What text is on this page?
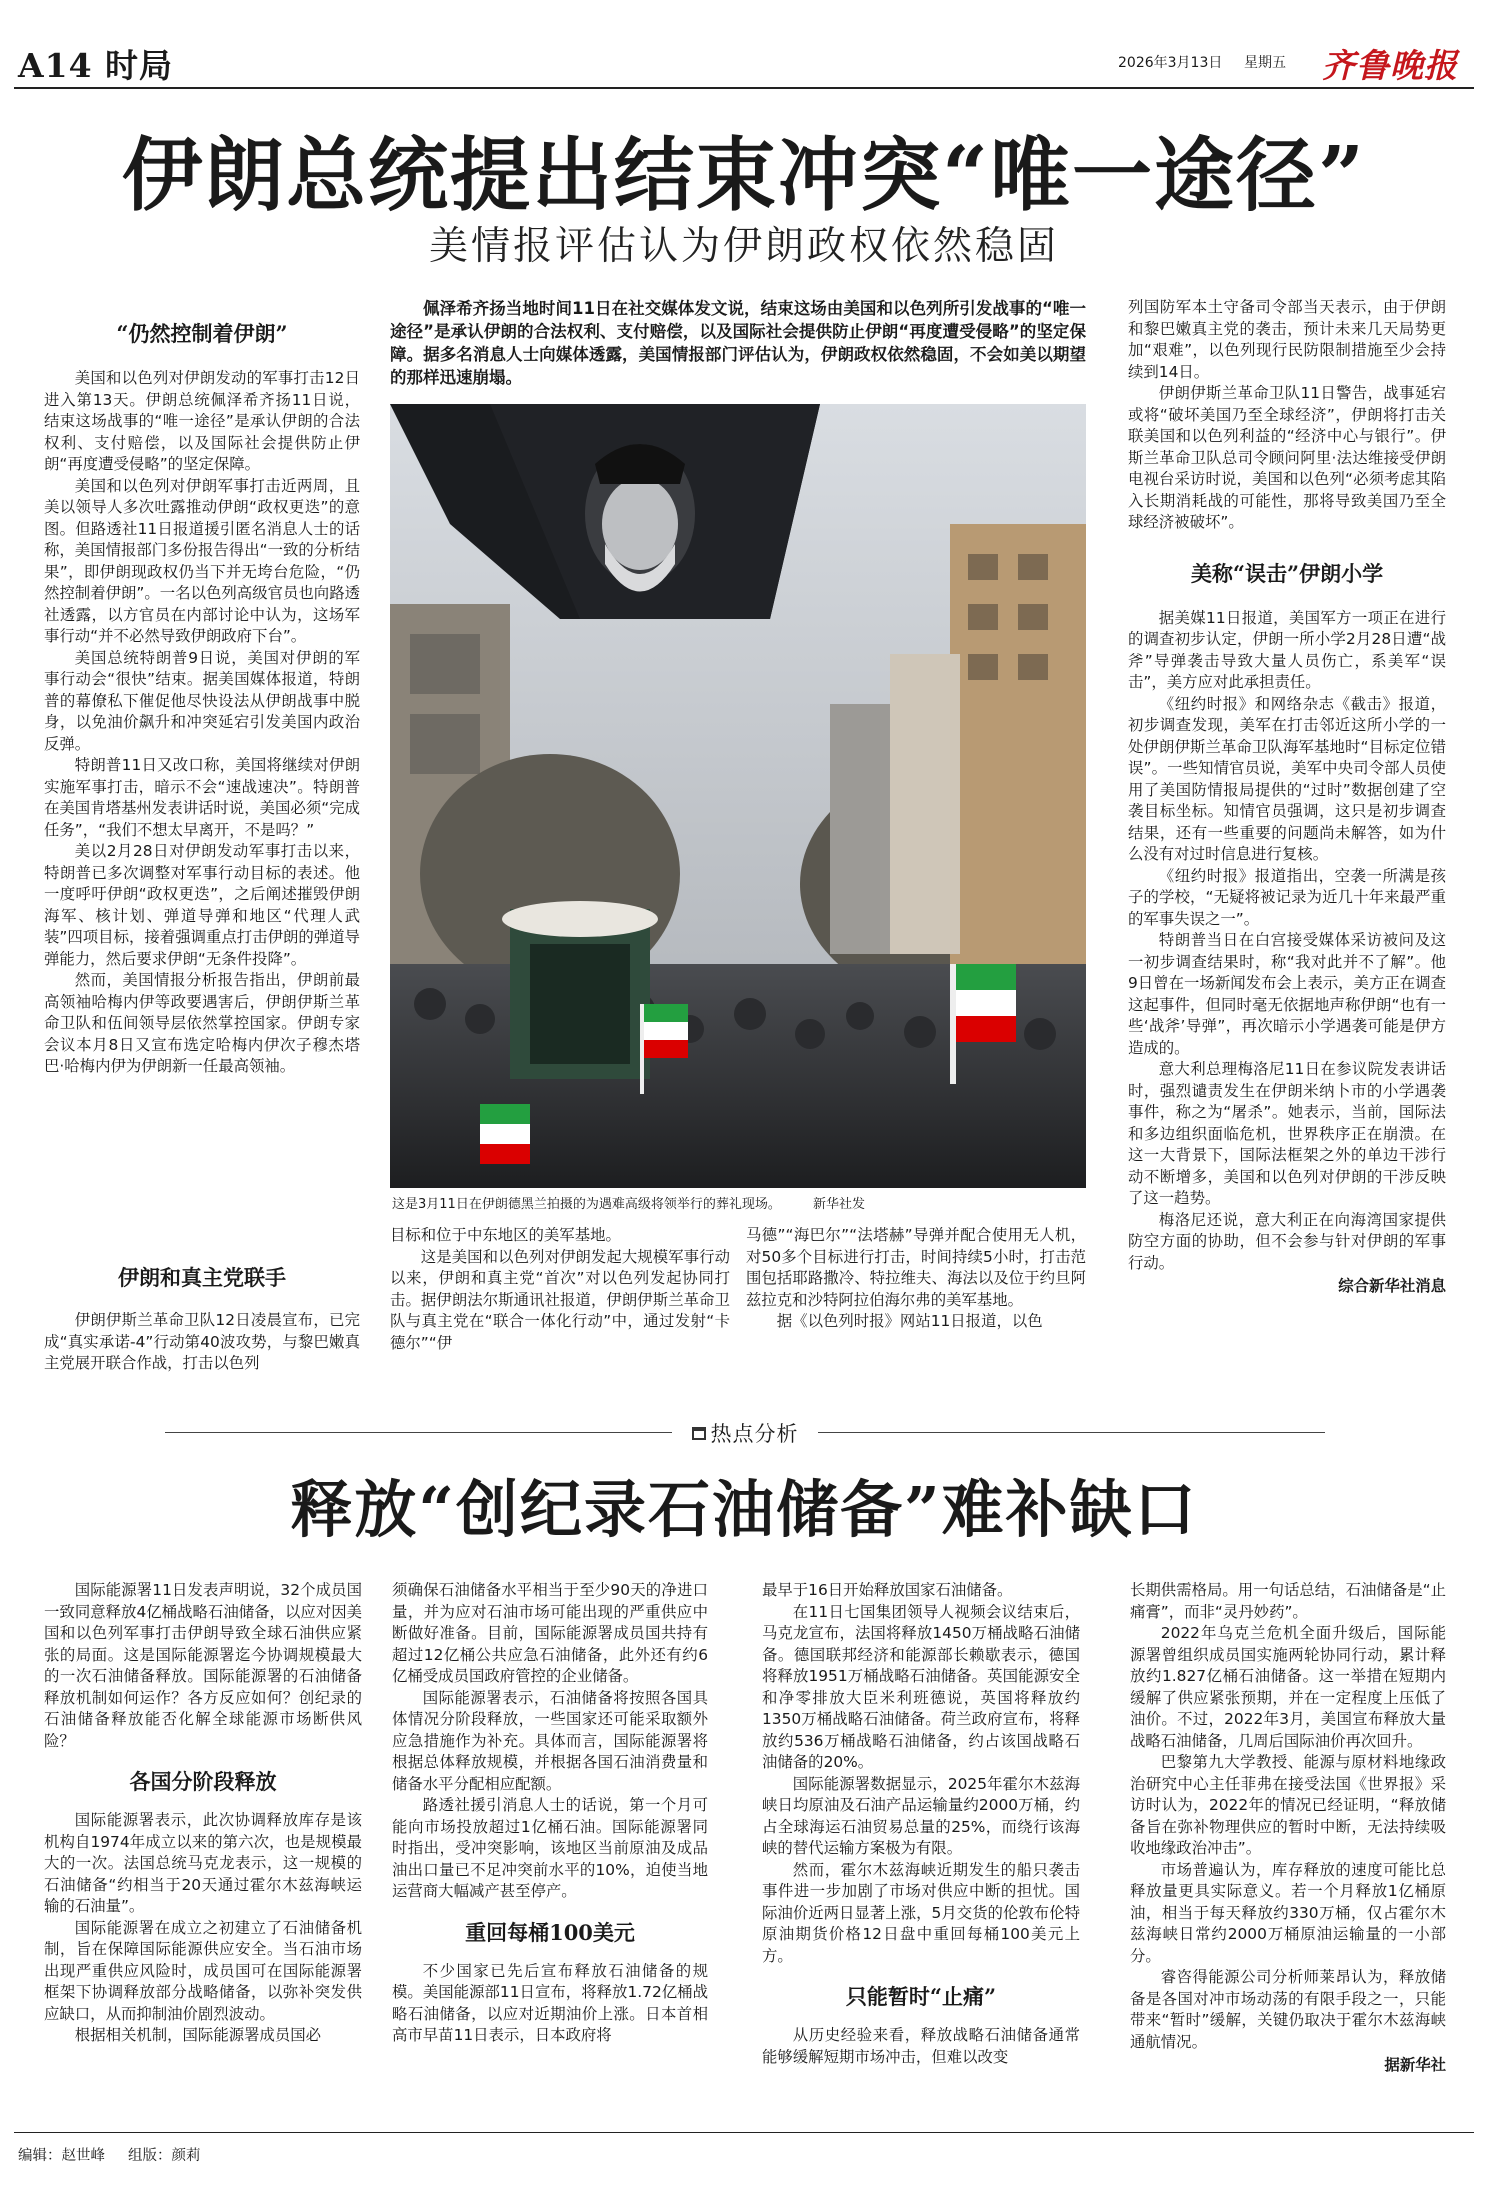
A14 时局	2026年3月13日 星期五 齐鲁晚报
伊朗总统提出结束冲突“唯一途径”
美情报评估认为伊朗政权依然稳固
“仍然控制着伊朗”

美国和以色列对伊朗发动的军事打击12日进入第13天。伊朗总统佩泽希齐扬11日说，结束这场战事的“唯一途径”是承认伊朗的合法权利、支付赔偿，以及国际社会提供防止伊朗“再度遭受侵略”的坚定保障。

美国和以色列对伊朗军事打击近两周，且美以领导人多次吐露推动伊朗“政权更迭”的意图。但路透社11日报道援引匿名消息人士的话称，美国情报部门多份报告得出“一致的分析结果”，即伊朗现政权仍当下并无垮台危险，“仍然控制着伊朗”。一名以色列高级官员也向路透社透露，以方官员在内部讨论中认为，这场军事行动“并不必然导致伊朗政府下台”。

美国总统特朗普9日说，美国对伊朗的军事行动会“很快”结束。据美国媒体报道，特朗普的幕僚私下催促他尽快设法从伊朗战事中脱身，以免油价飙升和冲突延宕引发美国内政治反弹。

特朗普11日又改口称，美国将继续对伊朗实施军事打击，暗示不会“速战速决”。特朗普在美国肯塔基州发表讲话时说，美国必须“完成任务”，“我们不想太早离开，不是吗？”

美以2月28日对伊朗发动军事打击以来，特朗普已多次调整对军事行动目标的表述。他一度呼吁伊朗“政权更迭”，之后阐述摧毁伊朗海军、核计划、弹道导弹和地区“代理人武装”四项目标，接着强调重点打击伊朗的弹道导弹能力，然后要求伊朗“无条件投降”。

然而，美国情报分析报告指出，伊朗前最高领袖哈梅内伊等政要遇害后，伊朗伊斯兰革命卫队和伍间领导层依然掌控国家。伊朗专家会议本月8日又宣布选定哈梅内伊次子穆杰塔巴·哈梅内伊为伊朗新一任最高领袖。

伊朗和真主党联手
伊朗伊斯兰革命卫队12日凌晨宣布，已完成“真实承诺-4”行动第40波攻势，与黎巴嫩真主党展开联合作战，打击以色列
佩泽希齐扬当地时间11日在社交媒体发文说，结束这场由美国和以色列所引发战事的“唯一途径”是承认伊朗的合法权利、支付赔偿，以及国际社会提供防止伊朗“再度遭受侵略”的坚定保障。据多名消息人士向媒体透露，美国情报部门评估认为，伊朗政权依然稳固，不会如美以期望的那样迅速崩塌。
这是3月11日在伊朗德黑兰拍摄的为遇难高级将领举行的葬礼现场。 新华社发
目标和位于中东地区的美军基地。
这是美国和以色列对伊朗发起大规模军事行动以来，伊朗和真主党“首次”对以色列发起协同打击。据伊朗法尔斯通讯社报道，伊朗伊斯兰革命卫队与真主党在“联合一体化行动”中，通过发射“卡德尔”“伊
马德”“海巴尔”“法塔赫”导弹并配合使用无人机，对50多个目标进行打击，时间持续5小时，打击范围包括耶路撒冷、特拉维夫、海法以及位于约旦阿兹拉克和沙特阿拉伯海尔弗的美军基地。
据《以色列时报》网站11日报道，以色

列国防军本土守备司令部当天表示，由于伊朗和黎巴嫩真主党的袭击，预计未来几天局势更加“艰难”，以色列现行民防限制措施至少会持续到14日。

伊朗伊斯兰革命卫队11日警告，战事延宕或将“破坏美国乃至全球经济”，伊朗将打击关联美国和以色列利益的“经济中心与银行”。伊斯兰革命卫队总司令顾问阿里·法达维接受伊朗电视台采访时说，美国和以色列“必须考虑其陷入长期消耗战的可能性，那将导致美国乃至全球经济被破坏”。

美称“误击”伊朗小学

据美媒11日报道，美国军方一项正在进行的调查初步认定，伊朗一所小学2月28日遭“战斧”导弹袭击导致大量人员伤亡，系美军“误击”，美方应对此承担责任。

《纽约时报》和网络杂志《截击》报道，初步调查发现，美军在打击邻近这所小学的一处伊朗伊斯兰革命卫队海军基地时“目标定位错误”。一些知情官员说，美军中央司令部人员使用了美国防情报局提供的“过时”数据创建了空袭目标坐标。知情官员强调，这只是初步调查结果，还有一些重要的问题尚未解答，如为什么没有对过时信息进行复核。

《纽约时报》报道指出，空袭一所满是孩子的学校，“无疑将被记录为近几十年来最严重的军事失误之一”。

特朗普当日在白宫接受媒体采访被问及这一初步调查结果时，称“我对此并不了解”。他9日曾在一场新闻发布会上表示，美方正在调查这起事件，但同时毫无依据地声称伊朗“也有一些‘战斧’导弹”，再次暗示小学遇袭可能是伊方造成的。

意大利总理梅洛尼11日在参议院发表讲话时，强烈谴责发生在伊朗米纳卜市的小学遇袭事件，称之为“屠杀”。她表示，当前，国际法和多边组织面临危机，世界秩序正在崩溃。在这一大背景下，国际法框架之外的单边干涉行动不断增多，美国和以色列对伊朗的干涉反映了这一趋势。

梅洛尼还说，意大利正在向海湾国家提供防空方面的协助，但不会参与针对伊朗的军事行动。

综合新华社消息
热点分析
释放“创纪录石油储备”难补缺口
国际能源署11日发表声明说，32个成员国一致同意释放4亿桶战略石油储备，以应对因美国和以色列军事打击伊朗导致全球石油供应紧张的局面。这是国际能源署迄今协调规模最大的一次石油储备释放。国际能源署的石油储备释放机制如何运作？各方反应如何？创纪录的石油储备释放能否化解全球能源市场断供风险？
各国分阶段释放

国际能源署表示，此次协调释放库存是该机构自1974年成立以来的第六次，也是规模最大的一次。法国总统马克龙表示，这一规模的石油储备“约相当于20天通过霍尔木兹海峡运输的石油量”。

国际能源署在成立之初建立了石油储备机制，旨在保障国际能源供应安全。当石油市场出现严重供应风险时，成员国可在国际能源署框架下协调释放部分战略储备，以弥补突发供应缺口，从而抑制油价剧烈波动。

根据相关机制，国际能源署成员国必

须确保石油储备水平相当于至少90天的净进口量，并为应对石油市场可能出现的严重供应中断做好准备。目前，国际能源署成员国共持有超过12亿桶公共应急石油储备，此外还有约6亿桶受成员国政府管控的企业储备。

国际能源署表示，石油储备将按照各国具体情况分阶段释放，一些国家还可能采取额外应急措施作为补充。具体而言，国际能源署将根据总体释放规模，并根据各国石油消费量和储备水平分配相应配额。

路透社援引消息人士的话说，第一个月可能向市场投放超过1亿桶石油。国际能源署同时指出，受冲突影响，该地区当前原油及成品油出口量已不足冲突前水平的10%，迫使当地运营商大幅减产甚至停产。

重回每桶100美元
不少国家已先后宣布释放石油储备的规模。美国能源部11日宣布，将释放1.72亿桶战略石油储备，以应对近期油价上涨。日本首相高市早苗11日表示，日本政府将

最早于16日开始释放国家石油储备。

在11日七国集团领导人视频会议结束后，马克龙宣布，法国将释放1450万桶战略石油储备。德国联邦经济和能源部长赖歇表示，德国将释放1951万桶战略石油储备。英国能源安全和净零排放大臣米利班德说，英国将释放约1350万桶战略石油储备。荷兰政府宣布，将释放约536万桶战略石油储备，约占该国战略石油储备的20%。

国际能源署数据显示，2025年霍尔木兹海峡日均原油及石油产品运输量约2000万桶，约占全球海运石油贸易总量的25%，而绕行该海峡的替代运输方案极为有限。

然而，霍尔木兹海峡近期发生的船只袭击事件进一步加剧了市场对供应中断的担忧。国际油价近两日显著上涨，5月交货的伦敦布伦特原油期货价格12日盘中重回每桶100美元上方。

只能暂时“止痛”
从历史经验来看，释放战略石油储备通常能够缓解短期市场冲击，但难以改变

长期供需格局。用一句话总结，石油储备是“止痛膏”，而非“灵丹妙药”。

2022年乌克兰危机全面升级后，国际能源署曾组织成员国实施两轮协同行动，累计释放约1.827亿桶石油储备。这一举措在短期内缓解了供应紧张预期，并在一定程度上压低了油价。不过，2022年3月，美国宣布释放大量战略石油储备，几周后国际油价再次回升。

巴黎第九大学教授、能源与原材料地缘政治研究中心主任菲弗在接受法国《世界报》采访时认为，2022年的情况已经证明，“释放储备旨在弥补物理供应的暂时中断，无法持续吸收地缘政治冲击”。

市场普遍认为，库存释放的速度可能比总释放量更具实际意义。若一个月释放1亿桶原油，相当于每天释放约330万桶，仅占霍尔木兹海峡日常约2000万桶原油运输量的一小部分。

睿咨得能源公司分析师莱昂认为，释放储备是各国对冲市场动荡的有限手段之一，只能带来“暂时”缓解，关键仍取决于霍尔木兹海峡通航情况。

据新华社
编辑：赵世峰 组版：颜莉
